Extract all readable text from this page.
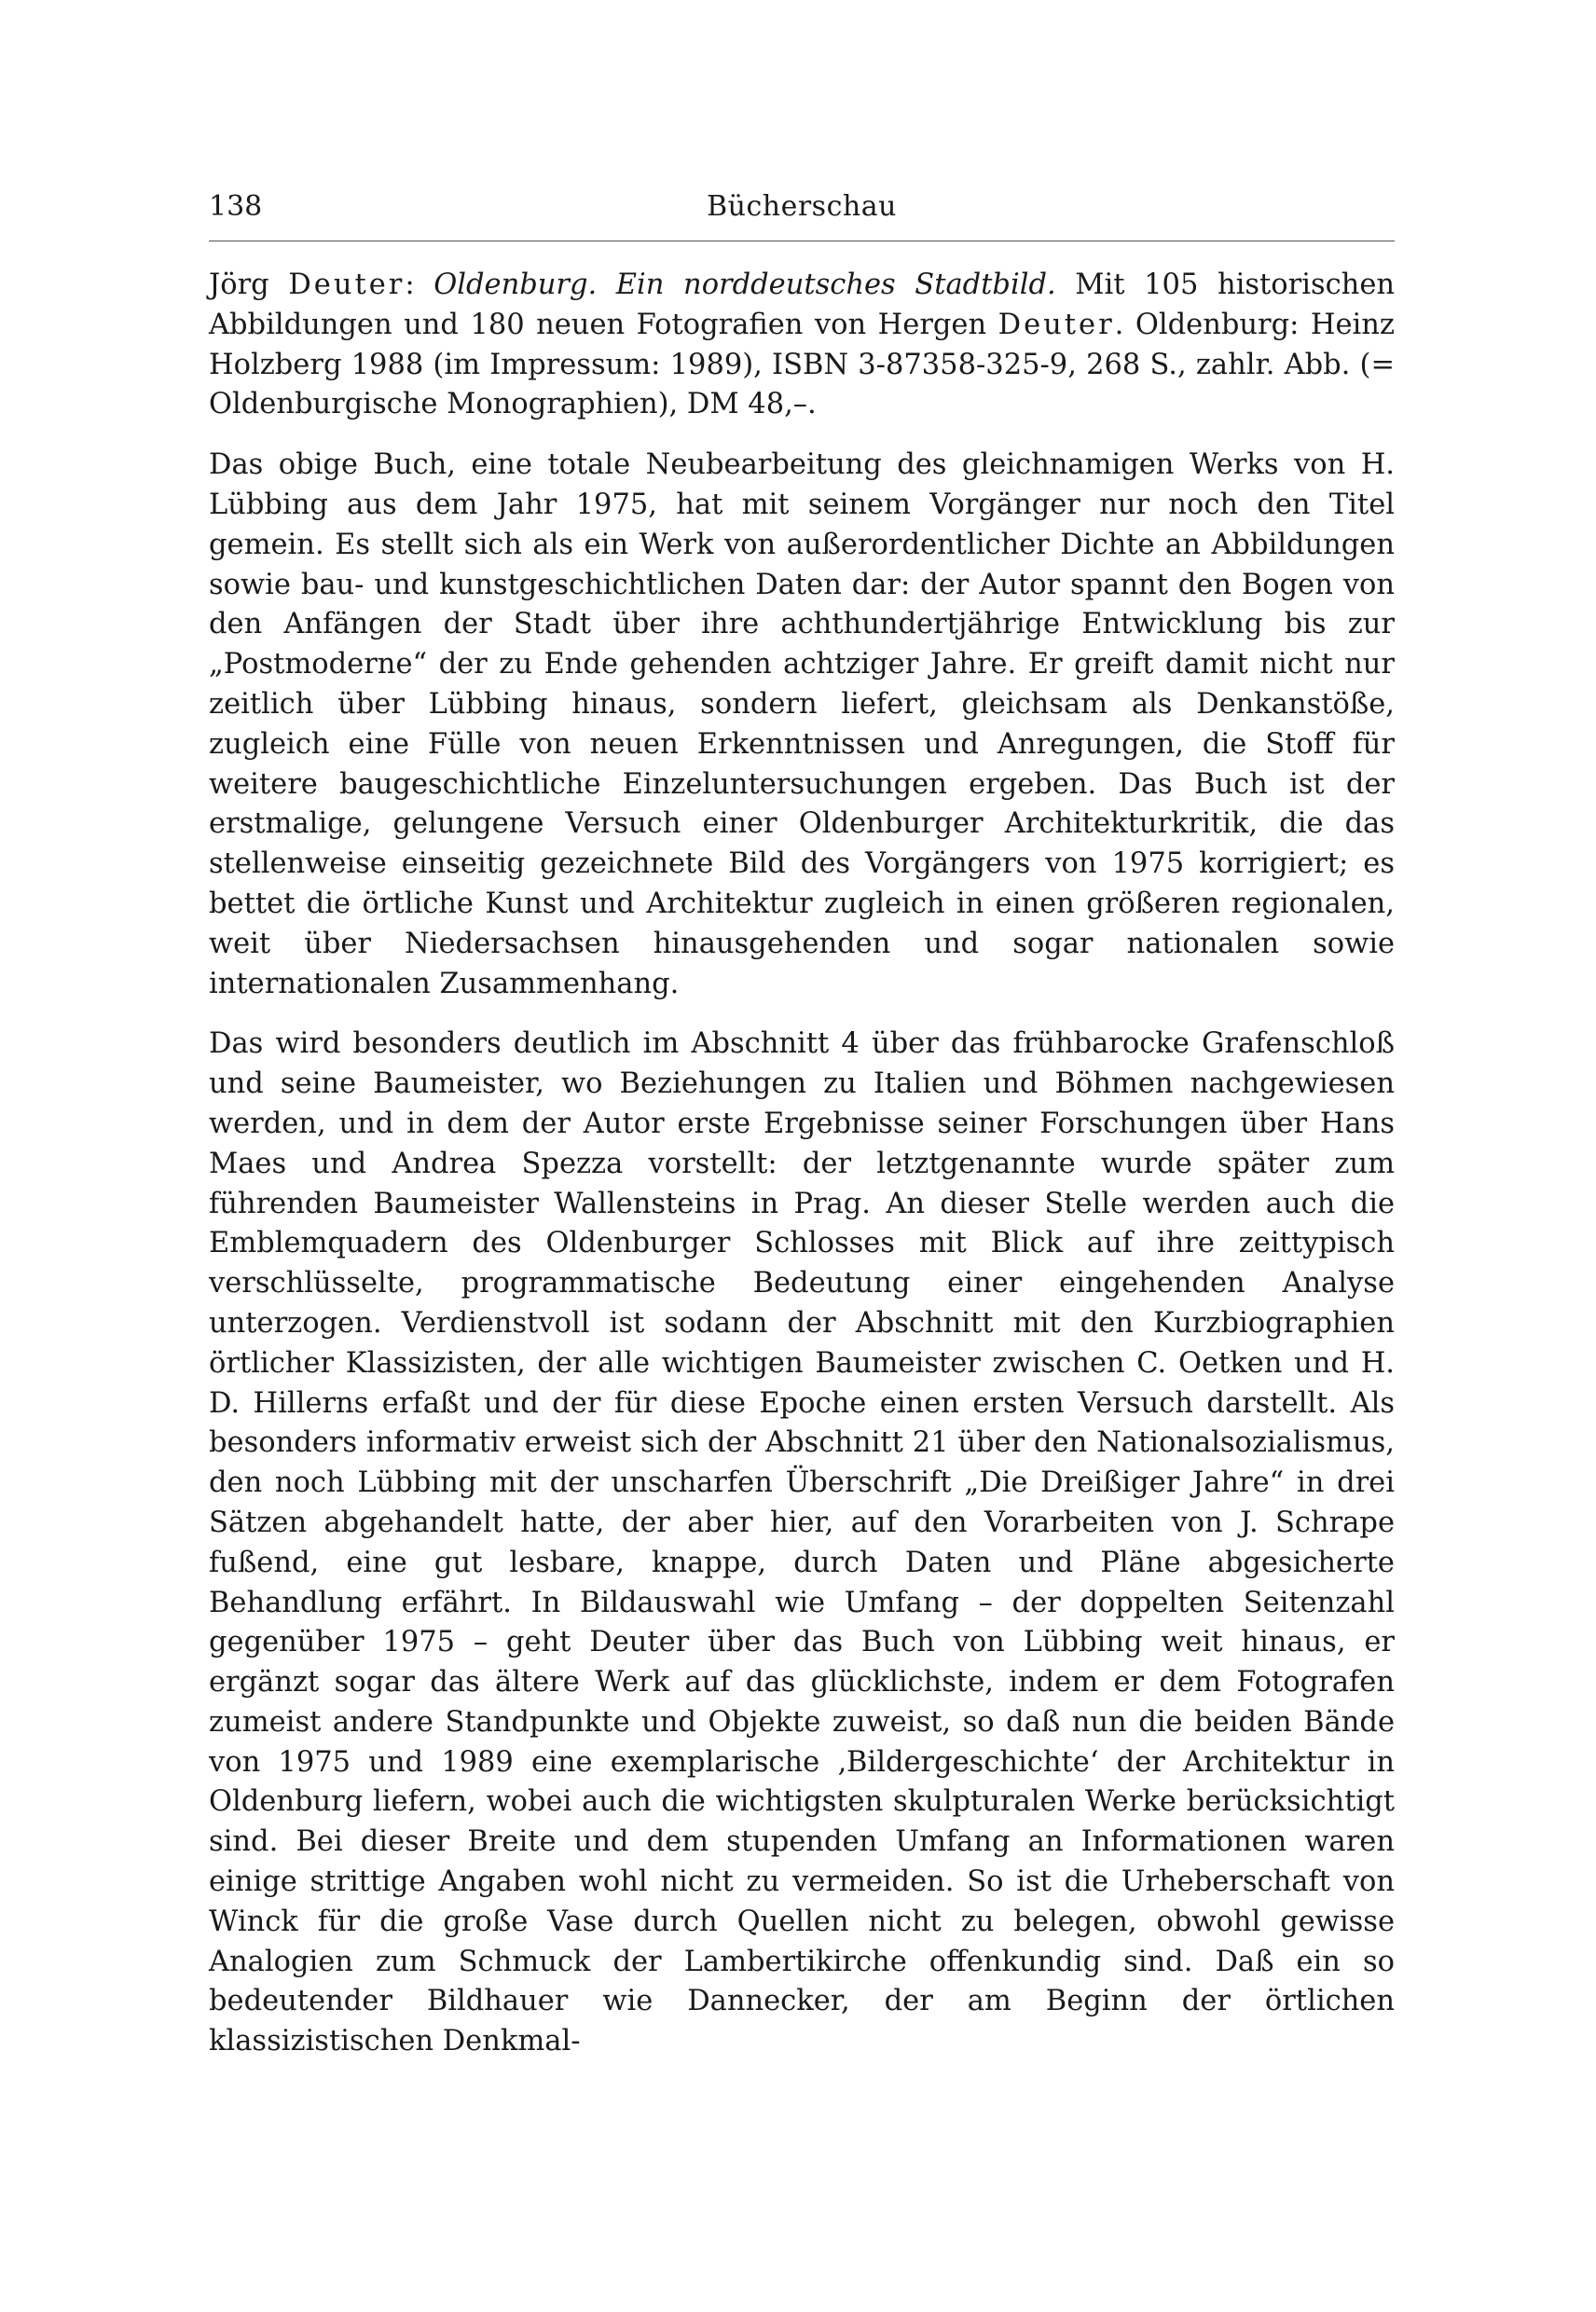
138	Bücherschau

Jörg Deuter: Oldenburg. Ein norddeutsches Stadtbild. Mit 105 historischen Abbildungen und 180 neuen Fotografien von Hergen Deuter. Oldenburg: Heinz Holzberg 1988 (im Impressum: 1989), ISBN 3-87358-325-9, 268 S., zahlr. Abb. (= Oldenburgische Monographien), DM 48,–.

Das obige Buch, eine totale Neubearbeitung des gleichnamigen Werks von H. Lübbing aus dem Jahr 1975, hat mit seinem Vorgänger nur noch den Titel gemein. Es stellt sich als ein Werk von außerordentlicher Dichte an Abbildungen sowie bau- und kunstgeschichtlichen Daten dar: der Autor spannt den Bogen von den Anfängen der Stadt über ihre achthundertjährige Entwicklung bis zur „Postmoderne“ der zu Ende gehenden achtziger Jahre. Er greift damit nicht nur zeitlich über Lübbing hinaus, sondern liefert, gleichsam als Denkanstöße, zugleich eine Fülle von neuen Erkenntnissen und Anregungen, die Stoff für weitere baugeschichtliche Einzeluntersuchungen ergeben. Das Buch ist der erstmalige, gelungene Versuch einer Oldenburger Architekturkritik, die das stellenweise einseitig gezeichnete Bild des Vorgängers von 1975 korrigiert; es bettet die örtliche Kunst und Architektur zugleich in einen größeren regionalen, weit über Niedersachsen hinausgehenden und sogar nationalen sowie internationalen Zusammenhang.

Das wird besonders deutlich im Abschnitt 4 über das frühbarocke Grafenschloß und seine Baumeister, wo Beziehungen zu Italien und Böhmen nachgewiesen werden, und in dem der Autor erste Ergebnisse seiner Forschungen über Hans Maes und Andrea Spezza vorstellt: der letztgenannte wurde später zum führenden Baumeister Wallensteins in Prag. An dieser Stelle werden auch die Emblemquadern des Oldenburger Schlosses mit Blick auf ihre zeittypisch verschlüsselte, programmatische Bedeutung einer eingehenden Analyse unterzogen. Verdienstvoll ist sodann der Abschnitt mit den Kurzbiographien örtlicher Klassizisten, der alle wichtigen Baumeister zwischen C. Oetken und H. D. Hillerns erfaßt und der für diese Epoche einen ersten Versuch darstellt. Als besonders informativ erweist sich der Abschnitt 21 über den Nationalsozialismus, den noch Lübbing mit der unscharfen Überschrift „Die Dreißiger Jahre“ in drei Sätzen abgehandelt hatte, der aber hier, auf den Vorarbeiten von J. Schrape fußend, eine gut lesbare, knappe, durch Daten und Pläne abgesicherte Behandlung erfährt. In Bildauswahl wie Umfang – der doppelten Seitenzahl gegenüber 1975 – geht Deuter über das Buch von Lübbing weit hinaus, er ergänzt sogar das ältere Werk auf das glücklichste, indem er dem Fotografen zumeist andere Standpunkte und Objekte zuweist, so daß nun die beiden Bände von 1975 und 1989 eine exemplarische ‚Bildergeschichte‘ der Architektur in Oldenburg liefern, wobei auch die wichtigsten skulpturalen Werke berücksichtigt sind. Bei dieser Breite und dem stupenden Umfang an Informationen waren einige strittige Angaben wohl nicht zu vermeiden. So ist die Urheberschaft von Winck für die große Vase durch Quellen nicht zu belegen, obwohl gewisse Analogien zum Schmuck der Lambertikirche offenkundig sind. Daß ein so bedeutender Bildhauer wie Dannecker, der am Beginn der örtlichen klassizistischen Denkmal-
